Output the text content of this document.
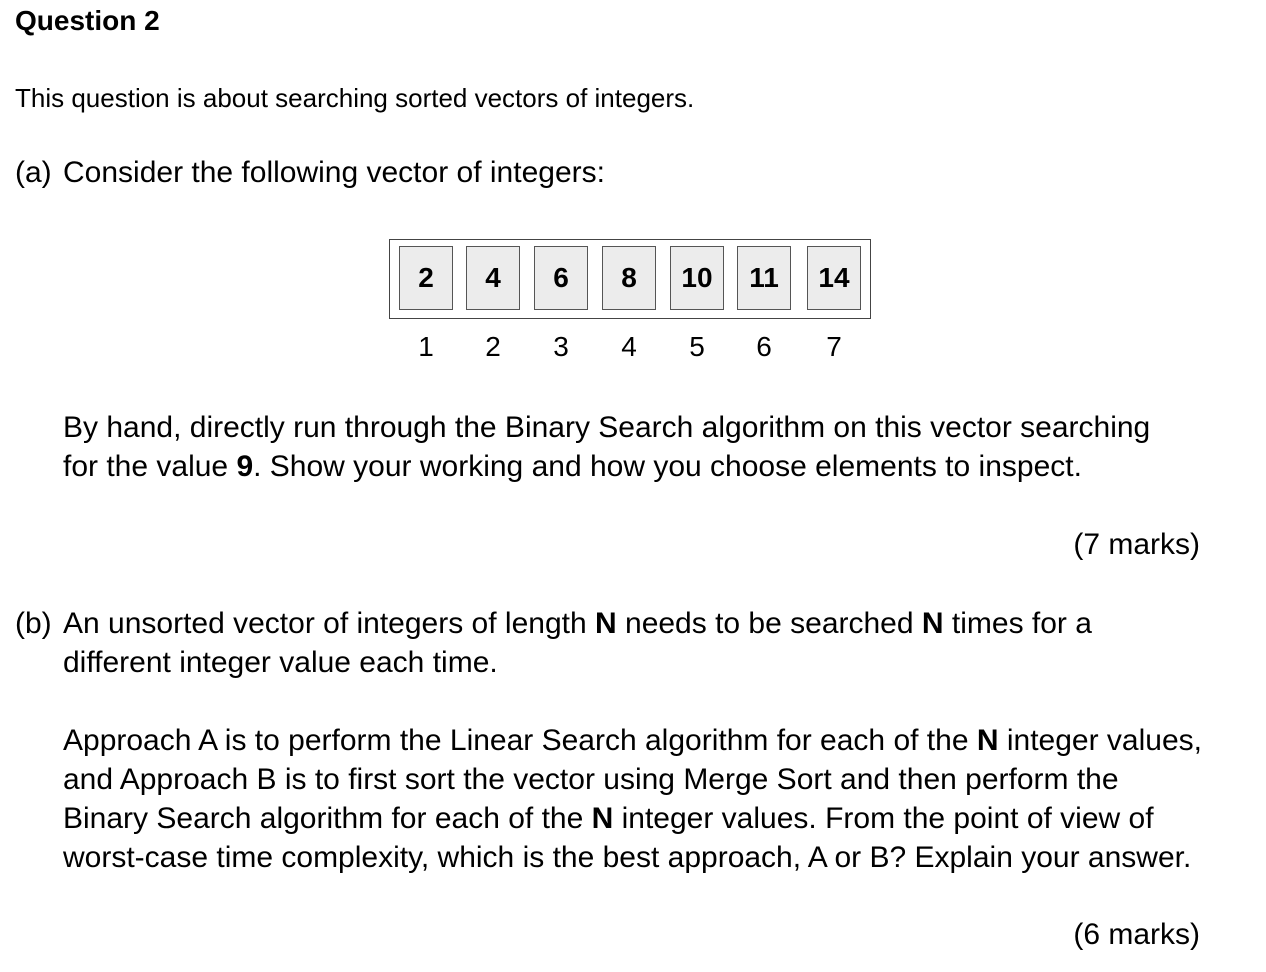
Question 2

This question is about searching sorted vectors of integers.

(a) Consider the following vector of integers:
2	4	6	8	10	11	14
1	2	3	4	5	6	7

By hand, directly run through the Binary Search algorithm on this vector searching for the value 9. Show your working and how you choose elements to inspect.

(7 marks)
(b) An unsorted vector of integers of length N needs to be searched N times for a different integer value each time.

Approach A is to perform the Linear Search algorithm for each of the N integer values, and Approach B is to first sort the vector using Merge Sort and then perform the Binary Search algorithm for each of the N integer values. From the point of view of worst-case time complexity, which is the best approach, A or B? Explain your answer.

(6 marks)
